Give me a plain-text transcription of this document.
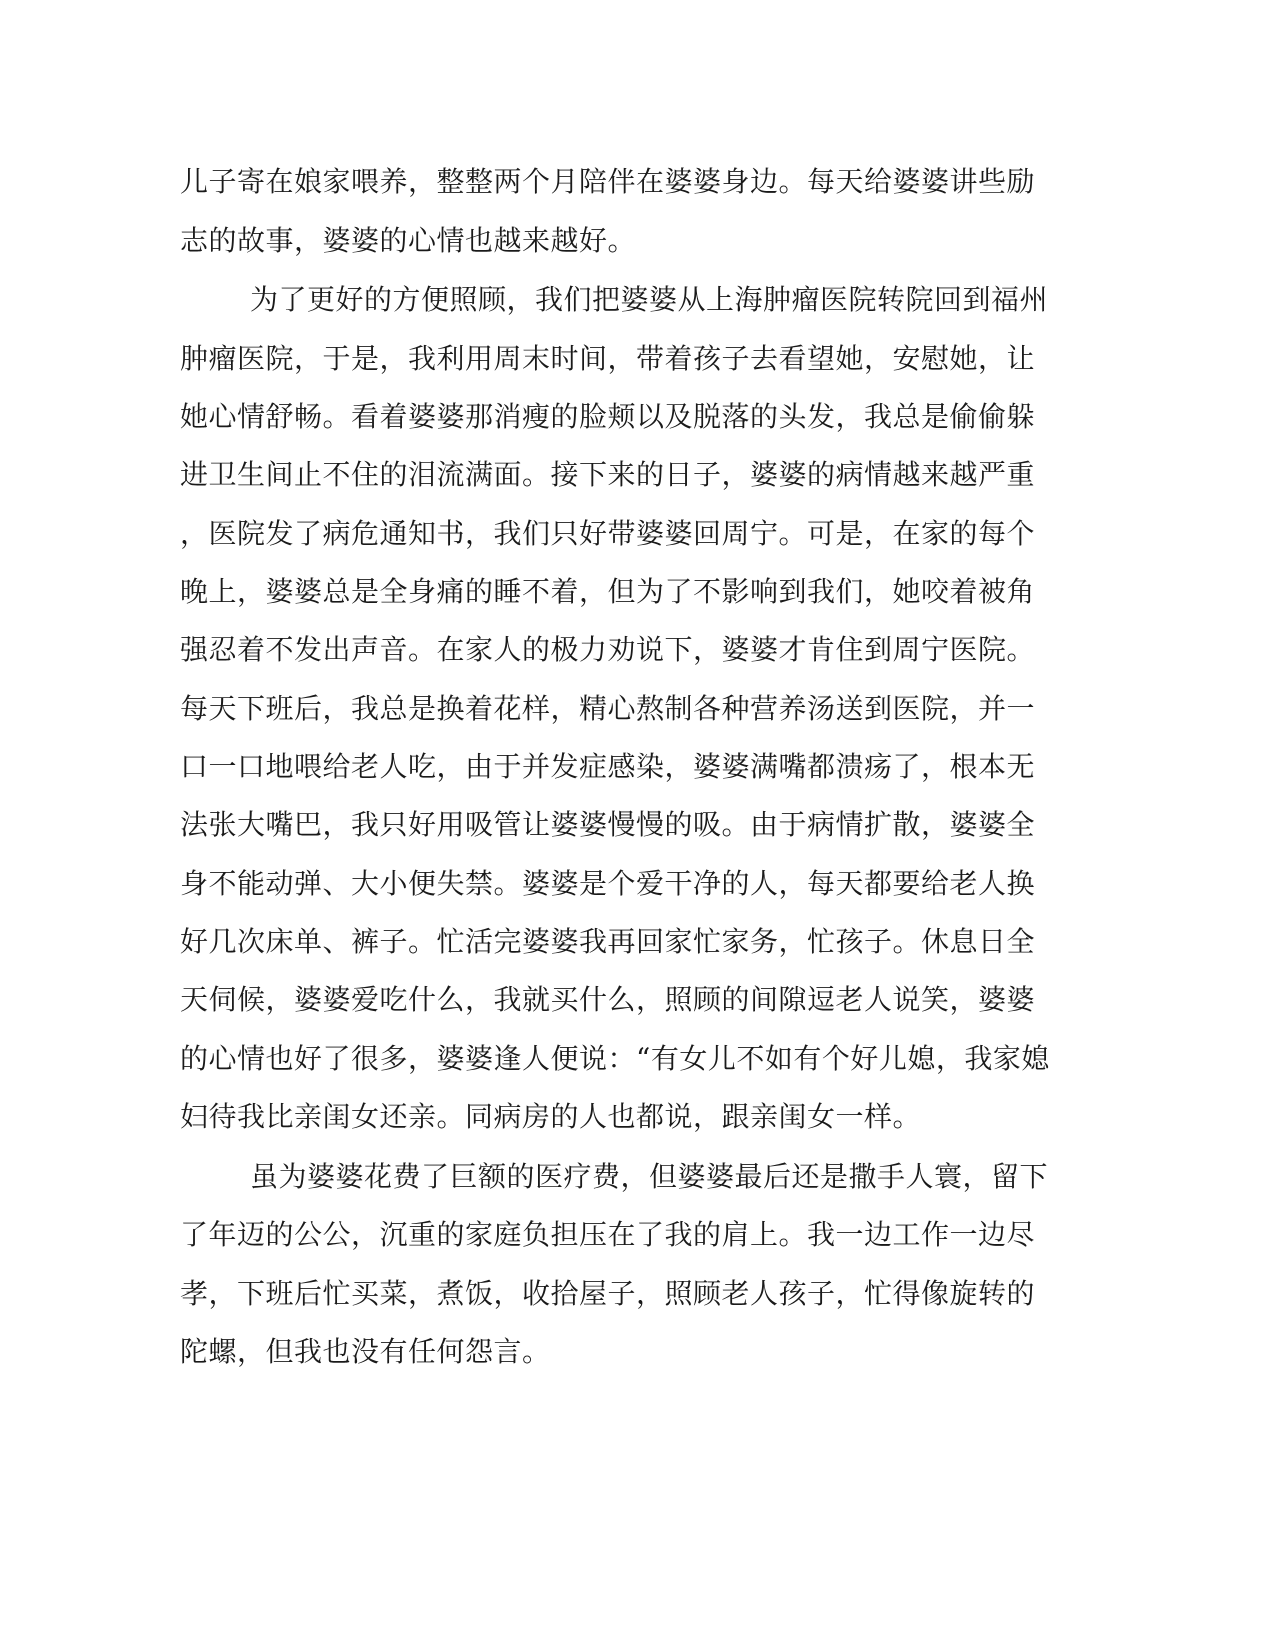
儿子寄在娘家喂养，整整两个月陪伴在婆婆身边。每天给婆婆讲些励
志的故事，婆婆的心情也越来越好。
为了更好的方便照顾，我们把婆婆从上海肿瘤医院转院回到福州
肿瘤医院，于是，我利用周末时间，带着孩子去看望她，安慰她，让
她心情舒畅。看着婆婆那消瘦的脸颊以及脱落的头发，我总是偷偷躲
进卫生间止不住的泪流满面。接下来的日子，婆婆的病情越来越严重
，医院发了病危通知书，我们只好带婆婆回周宁。可是，在家的每个
晚上，婆婆总是全身痛的睡不着，但为了不影响到我们，她咬着被角
强忍着不发出声音。在家人的极力劝说下，婆婆才肯住到周宁医院。
每天下班后，我总是换着花样，精心熬制各种营养汤送到医院，并一
口一口地喂给老人吃，由于并发症感染，婆婆满嘴都溃疡了，根本无
法张大嘴巴，我只好用吸管让婆婆慢慢的吸。由于病情扩散，婆婆全
身不能动弹、大小便失禁。婆婆是个爱干净的人，每天都要给老人换
好几次床单、裤子。忙活完婆婆我再回家忙家务，忙孩子。休息日全
天伺候，婆婆爱吃什么，我就买什么，照顾的间隙逗老人说笑，婆婆
的心情也好了很多，婆婆逢人便说：“有女儿不如有个好儿媳，我家媳
妇待我比亲闺女还亲。同病房的人也都说，跟亲闺女一样。
虽为婆婆花费了巨额的医疗费，但婆婆最后还是撒手人寰，留下
了年迈的公公，沉重的家庭负担压在了我的肩上。我一边工作一边尽
孝，下班后忙买菜，煮饭，收拾屋子，照顾老人孩子，忙得像旋转的
陀螺，但我也没有任何怨言。
